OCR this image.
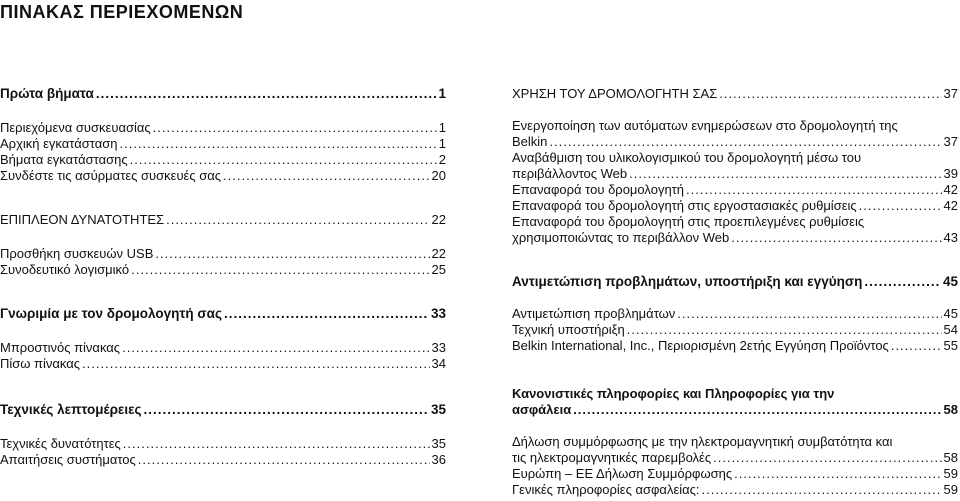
ΠΙΝΑΚΑΣ ΠΕΡΙΕΧΟΜΕΝΩΝ
Πρώτα βήματα .....	1
Περιεχόμενα συσκευασίας .....	1
Αρχική εγκατάσταση .....	1
Βήματα εγκατάστασης .....	2
Συνδέστε τις ασύρματες συσκευές σας .....	20
ΕΠΙΠΛΕΟΝ ΔΥΝΑΤΟΤΗΤΕΣ .....	22
Προσθήκη συσκευών USB .....	22
Συνοδευτικό λογισμικό .....	25
Γνωριμία με τον δρομολογητή σας .....	33
Μπροστινός πίνακας .....	33
Πίσω πίνακας .....	34
Τεχνικές λεπτομέρειες .....	35
Τεχνικές δυνατότητες .....	35
Απαιτήσεις συστήματος .....	36
ΧΡΗΣΗ ΤΟΥ ΔΡΟΜΟΛΟΓΗΤΗ ΣΑΣ .....	37
Ενεργοποίηση των αυτόματων ενημερώσεων στο δρομολογητή της
Belkin .....	37
Αναβάθμιση του υλικολογισμικού του δρομολογητή μέσω του
περιβάλλοντος Web .....	39
Επαναφορά του δρομολογητή .....	42
Επαναφορά του δρομολογητή στις εργοστασιακές ρυθμίσεις .....	42
Επαναφορά του δρομολογητή στις προεπιλεγμένες ρυθμίσεις
χρησιμοποιώντας το περιβάλλον Web .....	43
Αντιμετώπιση προβλημάτων, υποστήριξη και εγγύηση .....	45
Αντιμετώπιση προβλημάτων .....	45
Τεχνική υποστήριξη .....	54
Belkin International, Inc., Περιορισμένη 2ετής Εγγύηση Προϊόντος .....	55
Κανονιστικές πληροφορίες και Πληροφορίες για την
ασφάλεια .....	58
Δήλωση συμμόρφωσης με την ηλεκτρομαγνητική συμβατότητα και
τις ηλεκτρομαγνητικές παρεμβολές .....	58
Ευρώπη – ΕΕ Δήλωση Συμμόρφωσης .....	59
Γενικές πληροφορίες ασφαλείας: .....	59
